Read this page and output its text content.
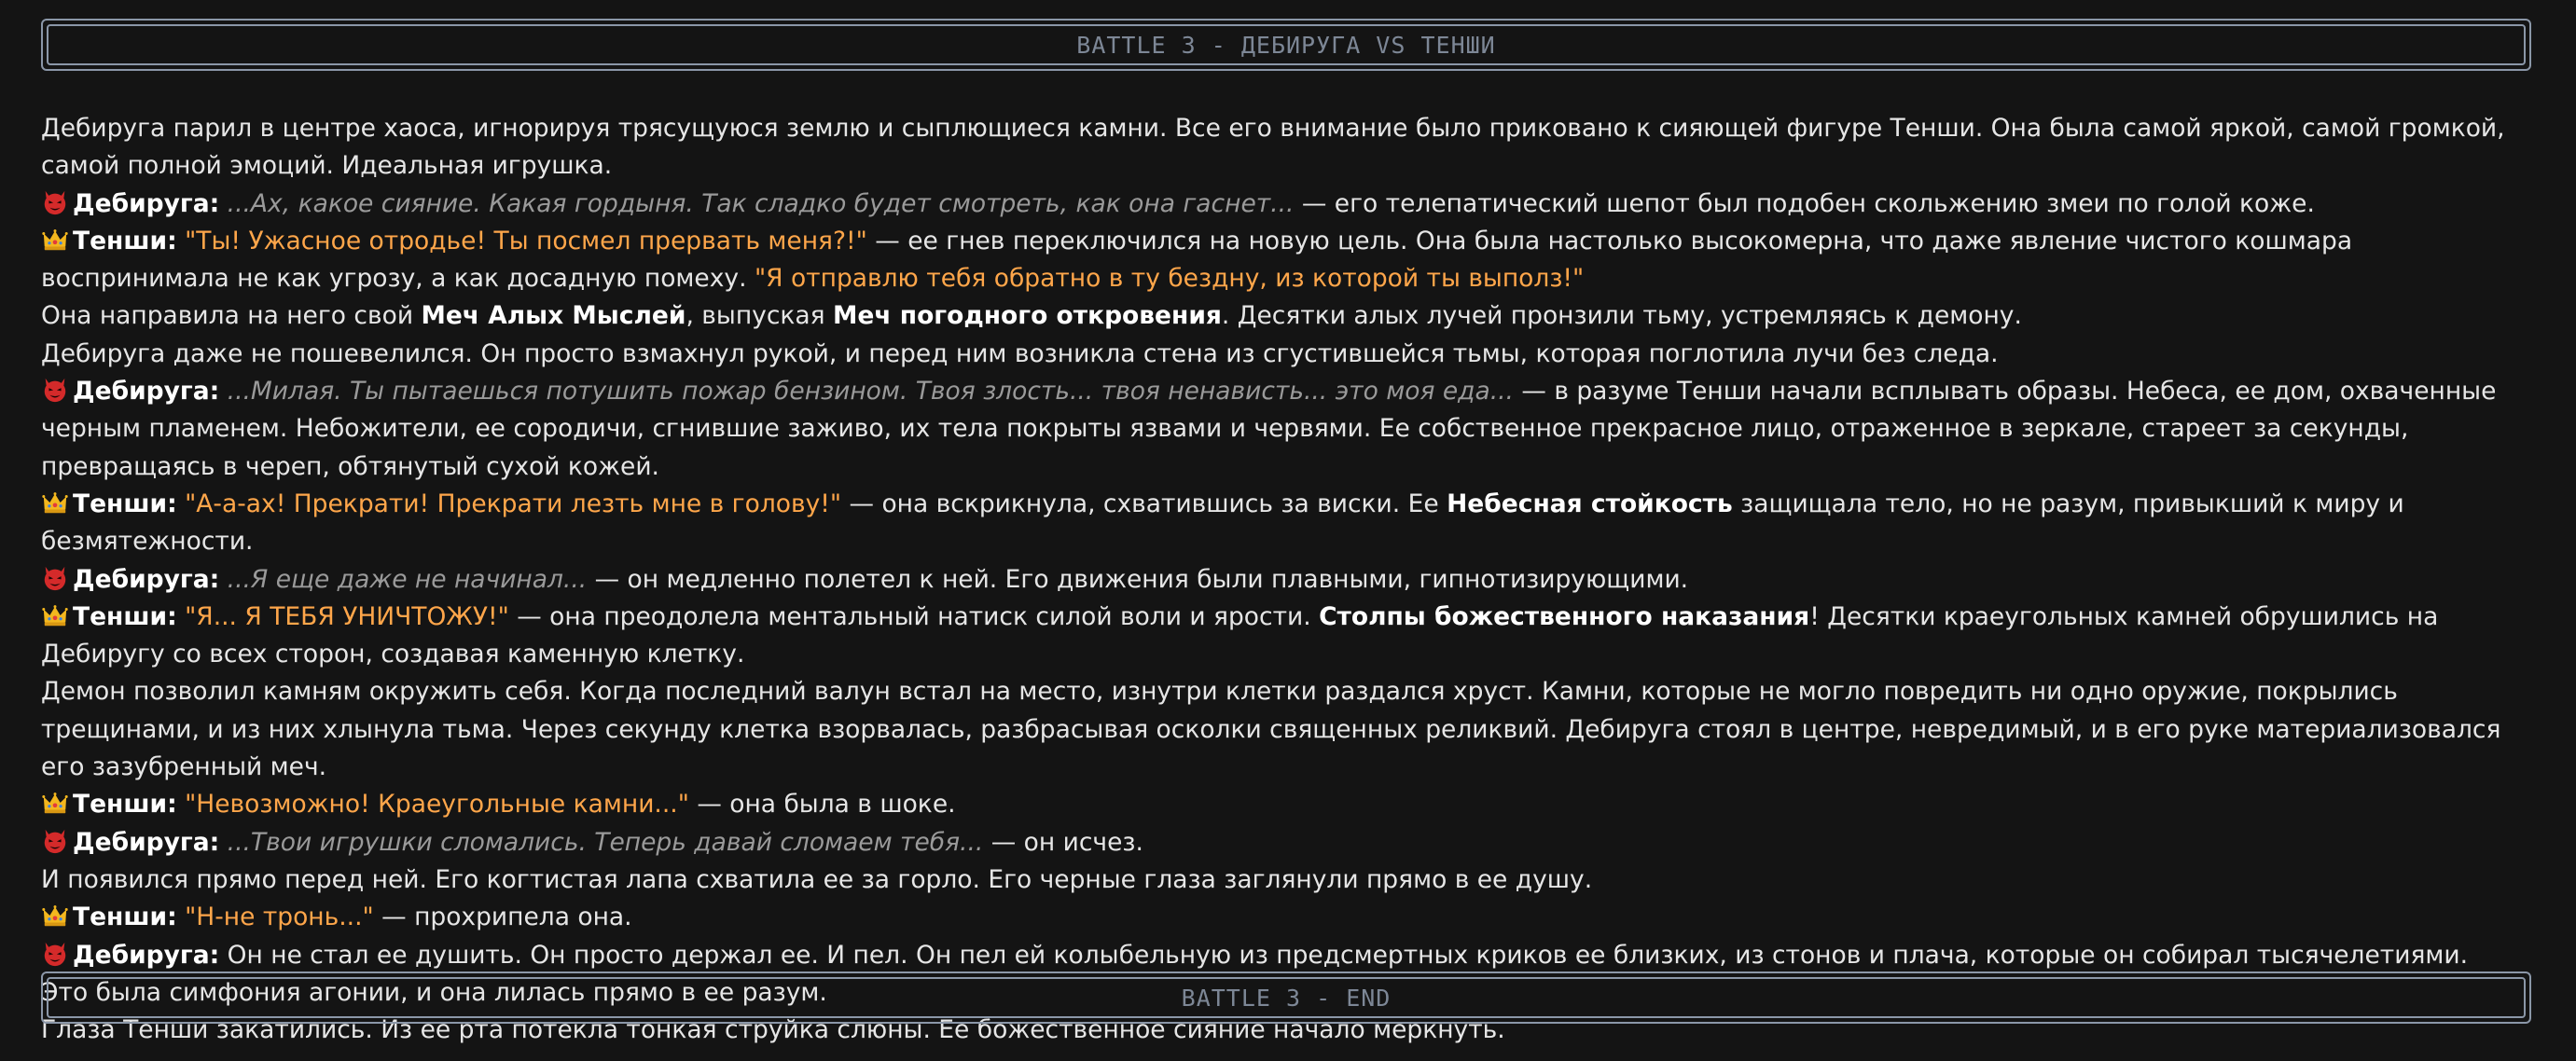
BATTLE 3 - ДЕБИРУГА VS ТЕНШИ

Дебируга парил в центре хаоса, игнорируя трясущуюся землю и сыплющиеся камни. Все его внимание было приковано к сияющей фигуре Тенши. Она была самой яркой, самой громкой, самой полной эмоций. Идеальная игрушка.

Дебируга: ...Ах, какое сияние. Какая гордыня. Так сладко будет смотреть, как она гаснет... — его телепатический шепот был подобен скольжению змеи по голой коже.

Тенши: "Ты! Ужасное отродье! Ты посмел прервать меня?!" — ее гнев переключился на новую цель. Она была настолько высокомерна, что даже явление чистого кошмара воспринимала не как угрозу, а как досадную помеху. "Я отправлю тебя обратно в ту бездну, из которой ты выполз!"

Она направила на него свой Меч Алых Мыслей, выпуская Меч погодного откровения. Десятки алых лучей пронзили тьму, устремляясь к демону.

Дебируга даже не пошевелился. Он просто взмахнул рукой, и перед ним возникла стена из сгустившейся тьмы, которая поглотила лучи без следа.

Дебируга: ...Милая. Ты пытаешься потушить пожар бензином. Твоя злость... твоя ненависть... это моя еда... — в разуме Тенши начали всплывать образы. Небеса, ее дом, охваченные черным пламенем. Небожители, ее сородичи, сгнившие заживо, их тела покрыты язвами и червями. Ее собственное прекрасное лицо, отраженное в зеркале, стареет за секунды, превращаясь в череп, обтянутый сухой кожей.

Тенши: "А-а-ах! Прекрати! Прекрати лезть мне в голову!" — она вскрикнула, схватившись за виски. Ее Небесная стойкость защищала тело, но не разум, привыкший к миру и безмятежности.

Дебируга: ...Я еще даже не начинал... — он медленно полетел к ней. Его движения были плавными, гипнотизирующими.

Тенши: "Я... Я ТЕБЯ УНИЧТОЖУ!" — она преодолела ментальный натиск силой воли и ярости. Столпы божественного наказания! Десятки краеугольных камней обрушились на Дебиругу со всех сторон, создавая каменную клетку.

Демон позволил камням окружить себя. Когда последний валун встал на место, изнутри клетки раздался хруст. Камни, которые не могло повредить ни одно оружие, покрылись трещинами, и из них хлынула тьма. Через секунду клетка взорвалась, разбрасывая осколки священных реликвий. Дебируга стоял в центре, невредимый, и в его руке материализовался его зазубренный меч.

Тенши: "Невозможно! Краеугольные камни..." — она была в шоке.

Дебируга: ...Твои игрушки сломались. Теперь давай сломаем тебя... — он исчез.

И появился прямо перед ней. Его когтистая лапа схватила ее за горло. Его черные глаза заглянули прямо в ее душу.

Тенши: "Н-не тронь..." — прохрипела она.

Дебируга: Он не стал ее душить. Он просто держал ее. И пел. Он пел ей колыбельную из предсмертных криков ее близких, из стонов и плача, которые он собирал тысячелетиями. Это была симфония агонии, и она лилась прямо в ее разум.

Глаза Тенши закатились. Из ее рта потекла тонкая струйка слюны. Ее божественное сияние начало меркнуть.

BATTLE 3 - END
